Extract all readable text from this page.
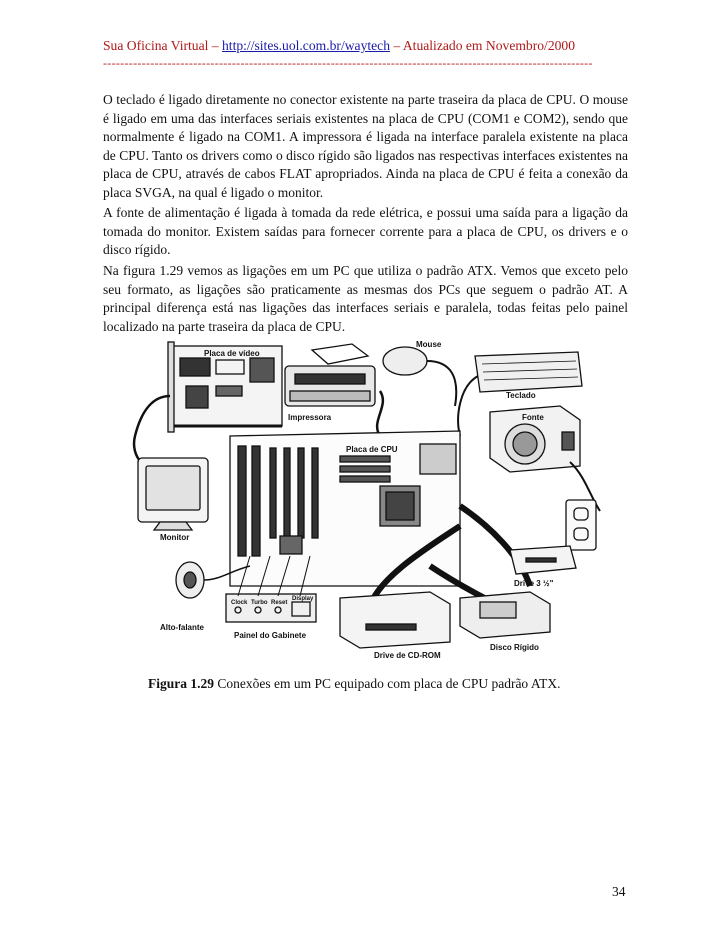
Sua Oficina Virtual – http://sites.uol.com.br/waytech – Atualizado em Novembro/2000
------------------------------------------------------------------------------------------------------------------

O teclado é ligado diretamente no conector existente na parte traseira da placa de CPU. O mouse é ligado em uma das interfaces seriais existentes na placa de CPU (COM1 e COM2), sendo que normalmente é ligado na COM1. A impressora é ligada na interface paralela existente na placa de CPU. Tanto os drivers como o disco rígido são ligados nas respectivas interfaces existentes na placa de CPU, através de cabos FLAT apropriados. Ainda na placa de CPU é feita a conexão da placa SVGA, na qual é ligado o monitor.

A fonte de alimentação é ligada à tomada da rede elétrica, e possui uma saída para a ligação da tomada do monitor. Existem saídas para fornecer corrente para a placa de CPU, os drivers e o disco rígido.

Na figura 1.29 vemos as ligações em um PC que utiliza o padrão ATX. Vemos que exceto pelo seu formato, as ligações são praticamente as mesmas dos PCs que seguem o padrão AT. A principal diferença está nas ligações das interfaces seriais e paralela, todas feitas pelo painel localizado na parte traseira da placa de CPU.

Placa de vídeo
Mouse
Impressora
Teclado
Fonte
Placa de CPU
Monitor
Drive 3 ½"
Alto-falante
Painel do Gabinete
Drive de CD-ROM
Disco Rígido
Clock Turbo Reset
Display
Figura 1.29 Conexões em um PC equipado com placa de CPU padrão ATX.
34
